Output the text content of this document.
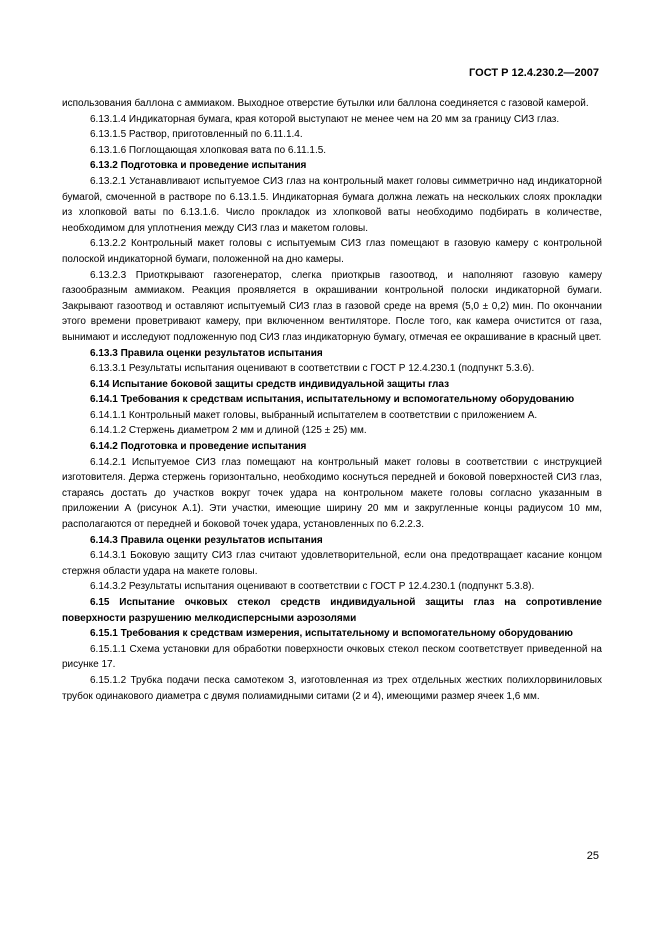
ГОСТ Р 12.4.230.2—2007

использования баллона с аммиаком. Выходное отверстие бутылки или баллона соединяется с газовой камерой.

6.13.1.4 Индикаторная бумага, края которой выступают не менее чем на 20 мм за границу СИЗ глаз.

6.13.1.5 Раствор, приготовленный по 6.11.1.4.

6.13.1.6 Поглощающая хлопковая вата по 6.11.1.5.

6.13.2 Подготовка и проведение испытания

6.13.2.1 Устанавливают испытуемое СИЗ глаз на контрольный макет головы симметрично над индикаторной бумагой, смоченной в растворе по 6.13.1.5. Индикаторная бумага должна лежать на нескольких слоях прокладки из хлопковой ваты по 6.13.1.6. Число прокладок из хлопковой ваты необходимо подбирать в количестве, необходимом для уплотнения между СИЗ глаз и макетом головы.

6.13.2.2 Контрольный макет головы с испытуемым СИЗ глаз помещают в газовую камеру с контрольной полоской индикаторной бумаги, положенной на дно камеры.

6.13.2.3 Приоткрывают газогенератор, слегка приоткрыв газоотвод, и наполняют газовую камеру газообразным аммиаком. Реакция проявляется в окрашивании контрольной полоски индикаторной бумаги. Закрывают газоотвод и оставляют испытуемый СИЗ глаз в газовой среде на время (5,0 ± 0,2) мин. По окончании этого времени проветривают камеру, при включенном вентиляторе. После того, как камера очистится от газа, вынимают и исследуют подложенную под СИЗ глаз индикаторную бумагу, отмечая ее окрашивание в красный цвет.

6.13.3 Правила оценки результатов испытания

6.13.3.1 Результаты испытания оценивают в соответствии с ГОСТ Р 12.4.230.1 (подпункт 5.3.6).

6.14 Испытание боковой защиты средств индивидуальной защиты глаз

6.14.1 Требования к средствам испытания, испытательному и вспомогательному оборудованию

6.14.1.1 Контрольный макет головы, выбранный испытателем в соответствии с приложением А.

6.14.1.2 Стержень диаметром 2 мм и длиной (125 ± 25) мм.

6.14.2 Подготовка и проведение испытания

6.14.2.1 Испытуемое СИЗ глаз помещают на контрольный макет головы в соответствии с инструкцией изготовителя. Держа стержень горизонтально, необходимо коснуться передней и боковой поверхностей СИЗ глаз, стараясь достать до участков вокруг точек удара на контрольном макете головы согласно указанным в приложении А (рисунок А.1). Эти участки, имеющие ширину 20 мм и закругленные концы радиусом 10 мм, располагаются от передней и боковой точек удара, установленных по 6.2.2.3.

6.14.3 Правила оценки результатов испытания

6.14.3.1 Боковую защиту СИЗ глаз считают удовлетворительной, если она предотвращает касание концом стержня области удара на макете головы.

6.14.3.2 Результаты испытания оценивают в соответствии с ГОСТ Р 12.4.230.1 (подпункт 5.3.8).

6.15 Испытание очковых стекол средств индивидуальной защиты глаз на сопротивление поверхности разрушению мелкодисперсными аэрозолями

6.15.1 Требования к средствам измерения, испытательному и вспомогательному оборудованию

6.15.1.1 Схема установки для обработки поверхности очковых стекол песком соответствует приведенной на рисунке 17.

6.15.1.2 Трубка подачи песка самотеком 3, изготовленная из трех отдельных жестких полихлорвиниловых трубок одинакового диаметра с двумя полиамидными ситами (2 и 4), имеющими размер ячеек 1,6 мм.

25
